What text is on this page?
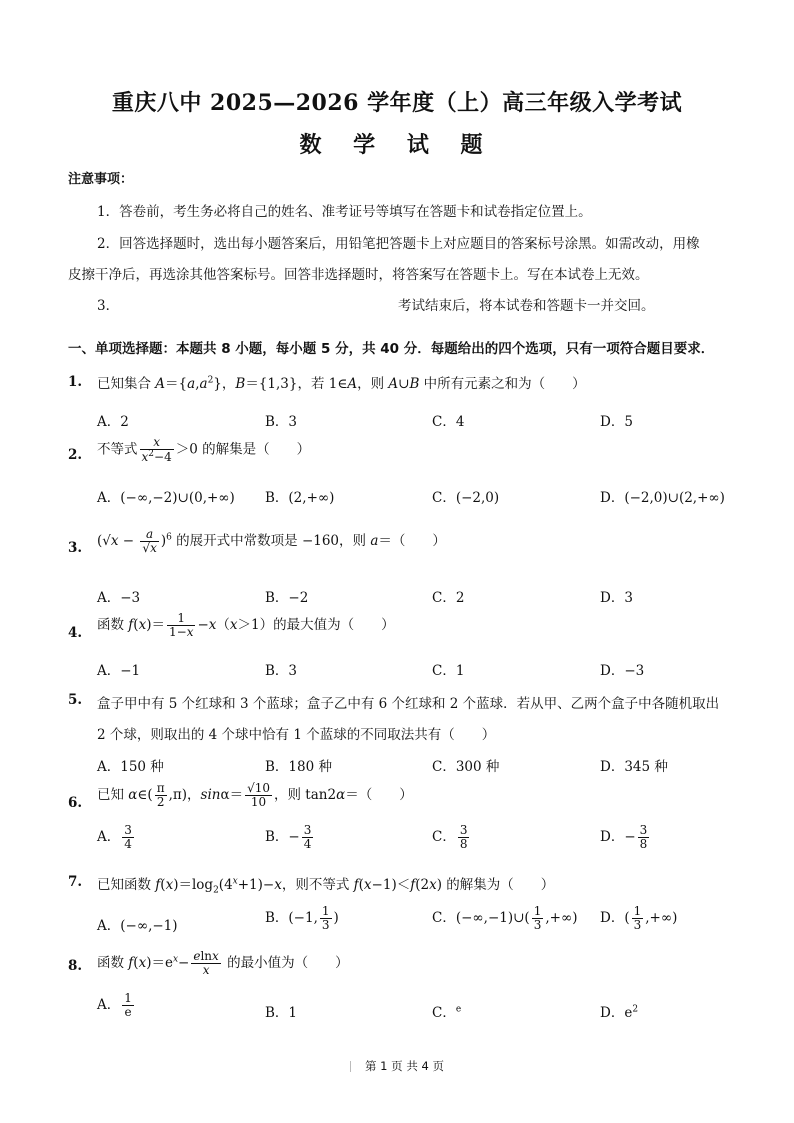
重庆八中 2025—2026 学年度（上）高三年级入学考试
数 学 试 题
注意事项：
1．答卷前，考生务必将自己的姓名、准考证号等填写在答题卡和试卷指定位置上。
2．回答选择题时，选出每小题答案后，用铅笔把答题卡上对应题目的答案标号涂黑。如需改动，用橡
皮擦干净后，再选涂其他答案标号。回答非选择题时，将答案写在答题卡上。写在本试卷上无效。
3．	考试结束后，将本试卷和答题卡一并交回。
一、单项选择题：本题共 8 小题，每小题 5 分，共 40 分．每题给出的四个选项，只有一项符合题目要求．
1. 已知集合 $A=\{a,a^2\}$，B＝{1,3}，若 1∈A，则 A∪B 中所有元素之和为（　　）
A．2	B．3	C．4	D．5
2. 不等式 $\frac{x}{x^2-4} >0$ 的解集是（　　）
A．(−∞,−2)∪(0,+∞) B．(2,+∞)	C．(−2,0)	D．(−2,0)∪(2,+∞)
3. $(√x - \frac{a}{√x} )^6$ 的展开式中常数项是 −160，则 a＝（　　）
A．−3	B．−2	C．2	D．3
4. 函数 $f(x)= \frac{1}{1-x} -x(x>1)$的最大值为（　　）
A．−1	B．3	C．1	D．−3
5. 盒子甲中有 5 个红球和 3 个蓝球；盒子乙中有 6 个红球和 2 个蓝球．若从甲、乙两个盒子中各随机取出
2 个球，则取出的 4 个球中恰有 1 个蓝球的不同取法共有（　　）
A．150 种	B．180 种	C．300 种	D．345 种
6. 已知 α∈( $\frac{\pi}{2} ,\pi$)，$\sin\alpha= \frac{√10}{10}$ ，则 tan2α＝（　　）
A． $\frac{3}{4}$	B．− $\frac{3}{4}$	C． $\frac{3}{8}$	D．− $\frac{3}{8}$
7. 已知函数 $f(x)=\log_2(4^x+1)-x$，则不等式 f(x−1)＜f(2x) 的解集为（　　）
A．(−∞,−1)	B．(−1, $\frac{1}{3}$ )	C．(−∞,−1)∪( $\frac{1}{3}$ ,+∞) D．( $\frac{1}{3}$ ,+∞)
8. 函数 $f(x)=e^x- \frac{elnx}{x}$ 的最小值为（　　）
A． $\frac{1}{e}$	B．1	C．$^e$	D．$e^2$
第 1 页 共 4 页
